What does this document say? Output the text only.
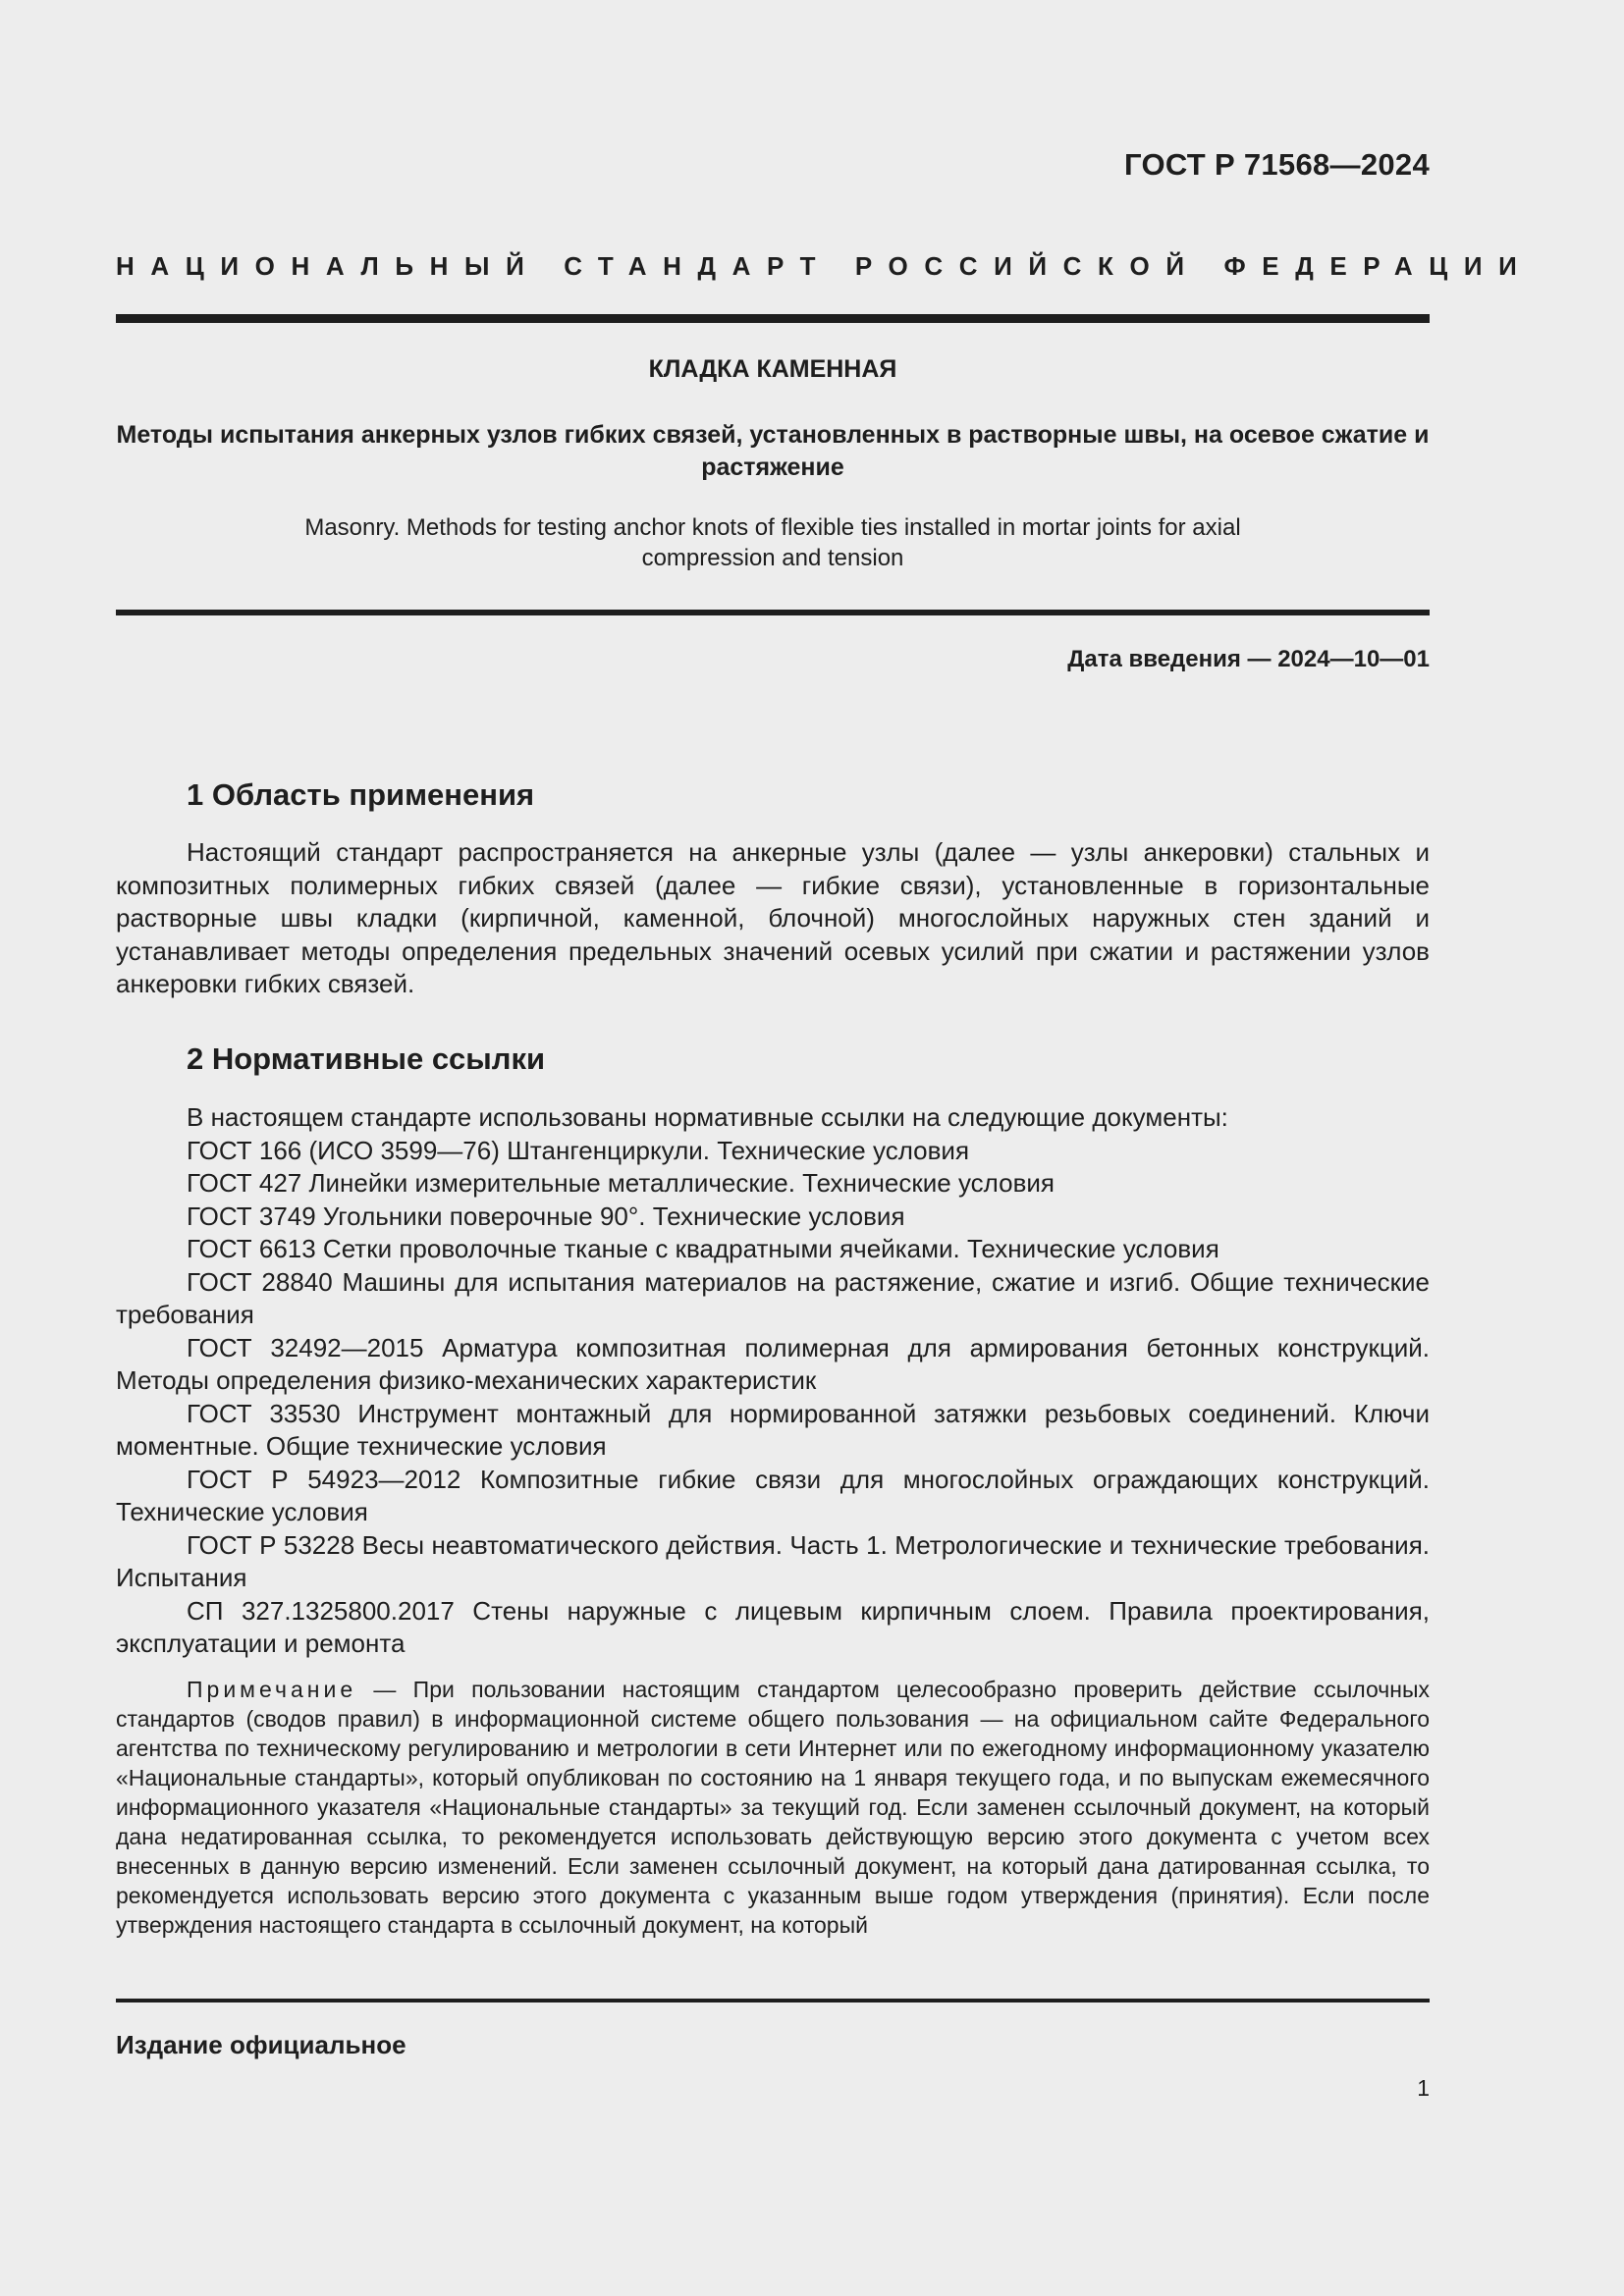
ГОСТ Р 71568—2024
НАЦИОНАЛЬНЫЙ СТАНДАРТ РОССИЙСКОЙ ФЕДЕРАЦИИ
КЛАДКА КАМЕННАЯ
Методы испытания анкерных узлов гибких связей, установленных в растворные швы, на осевое сжатие и растяжение
Masonry. Methods for testing anchor knots of flexible ties installed in mortar joints for axial compression and tension
Дата введения — 2024—10—01
1 Область применения
Настоящий стандарт распространяется на анкерные узлы (далее — узлы анкеровки) стальных и композитных полимерных гибких связей (далее — гибкие связи), установленные в горизонтальные растворные швы кладки (кирпичной, каменной, блочной) многослойных наружных стен зданий и устанавливает методы определения предельных значений осевых усилий при сжатии и растяжении узлов анкеровки гибких связей.
2 Нормативные ссылки

В настоящем стандарте использованы нормативные ссылки на следующие документы:

ГОСТ 166 (ИСО 3599—76) Штангенциркули. Технические условия

ГОСТ 427 Линейки измерительные металлические. Технические условия

ГОСТ 3749 Угольники поверочные 90°. Технические условия

ГОСТ 6613 Сетки проволочные тканые с квадратными ячейками. Технические условия

ГОСТ 28840 Машины для испытания материалов на растяжение, сжатие и изгиб. Общие технические требования

ГОСТ 32492—2015 Арматура композитная полимерная для армирования бетонных конструкций. Методы определения физико-механических характеристик

ГОСТ 33530 Инструмент монтажный для нормированной затяжки резьбовых соединений. Ключи моментные. Общие технические условия

ГОСТ Р 54923—2012 Композитные гибкие связи для многослойных ограждающих конструкций. Технические условия

ГОСТ Р 53228 Весы неавтоматического действия. Часть 1. Метрологические и технические требования. Испытания

СП 327.1325800.2017 Стены наружные с лицевым кирпичным слоем. Правила проектирования, эксплуатации и ремонта

Примечание — При пользовании настоящим стандартом целесообразно проверить действие ссылочных стандартов (сводов правил) в информационной системе общего пользования — на официальном сайте Федерального агентства по техническому регулированию и метрологии в сети Интернет или по ежегодному информационному указателю «Национальные стандарты», который опубликован по состоянию на 1 января текущего года, и по выпускам ежемесячного информационного указателя «Национальные стандарты» за текущий год. Если заменен ссылочный документ, на который дана недатированная ссылка, то рекомендуется использовать действующую версию этого документа с учетом всех внесенных в данную версию изменений. Если заменен ссылочный документ, на который дана датированная ссылка, то рекомендуется использовать версию этого документа с указанным выше годом утверждения (принятия). Если после утверждения настоящего стандарта в ссылочный документ, на который
Издание официальное
1
